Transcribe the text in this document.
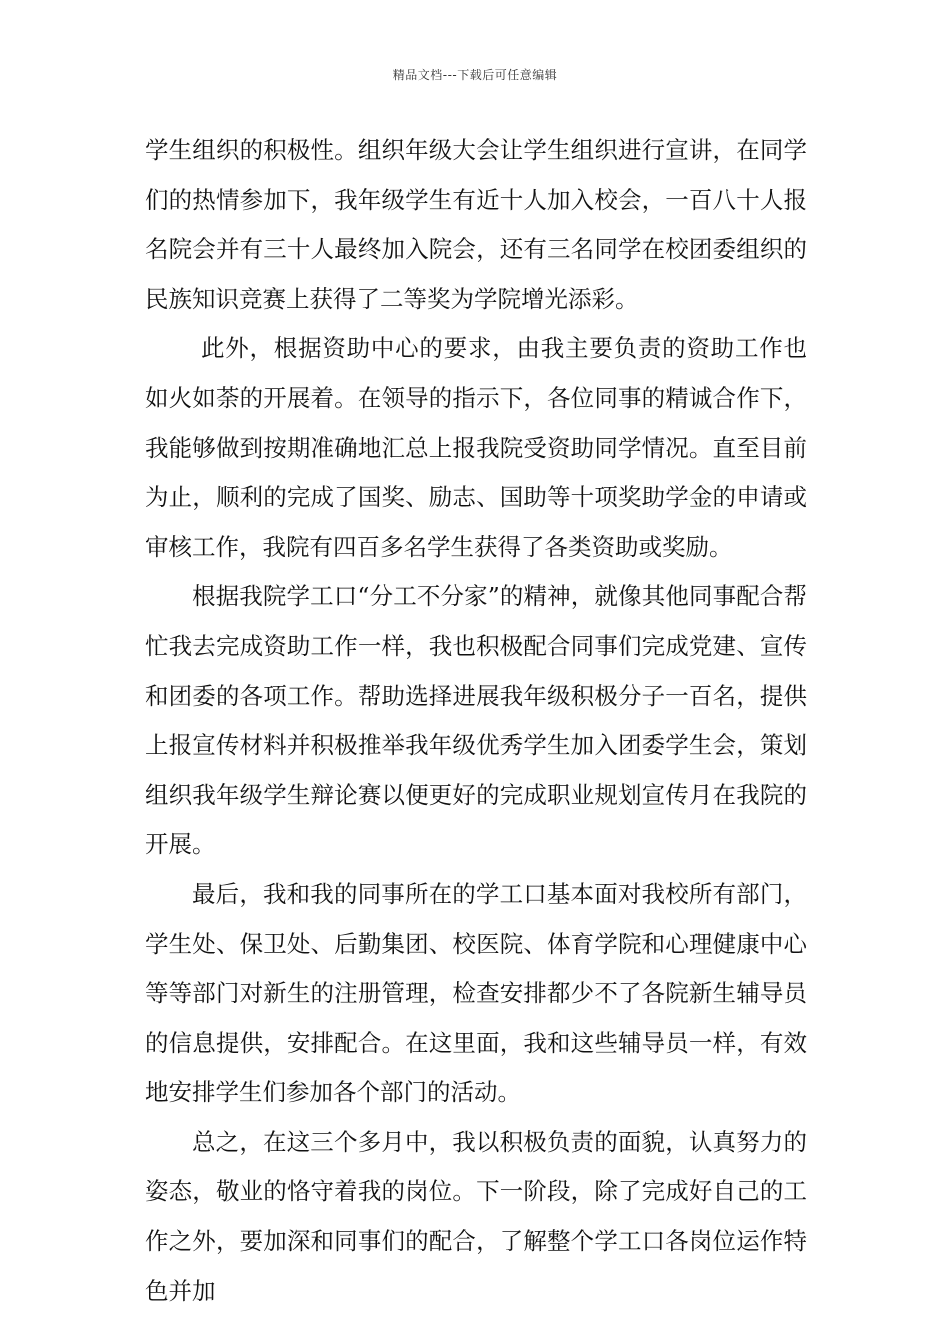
精品文档---下载后可任意编辑

学生组织的积极性。组织年级大会让学生组织进行宣讲，在同学们的热情参加下，我年级学生有近十人加入校会，一百八十人报名院会并有三十人最终加入院会，还有三名同学在校团委组织的民族知识竞赛上获得了二等奖为学院增光添彩。

此外，根据资助中心的要求，由我主要负责的资助工作也如火如荼的开展着。在领导的指示下，各位同事的精诚合作下，我能够做到按期准确地汇总上报我院受资助同学情况。直至目前为止，顺利的完成了国奖、励志、国助等十项奖助学金的申请或审核工作，我院有四百多名学生获得了各类资助或奖励。

根据我院学工口“分工不分家”的精神，就像其他同事配合帮忙我去完成资助工作一样，我也积极配合同事们完成党建、宣传和团委的各项工作。帮助选择进展我年级积极分子一百名，提供上报宣传材料并积极推举我年级优秀学生加入团委学生会，策划组织我年级学生辩论赛以便更好的完成职业规划宣传月在我院的开展。

最后，我和我的同事所在的学工口基本面对我校所有部门，学生处、保卫处、后勤集团、校医院、体育学院和心理健康中心等等部门对新生的注册管理，检查安排都少不了各院新生辅导员的信息提供，安排配合。在这里面，我和这些辅导员一样，有效地安排学生们参加各个部门的活动。

总之，在这三个多月中，我以积极负责的面貌，认真努力的姿态，敬业的恪守着我的岗位。下一阶段，除了完成好自己的工作之外，要加深和同事们的配合，了解整个学工口各岗位运作特色并加
